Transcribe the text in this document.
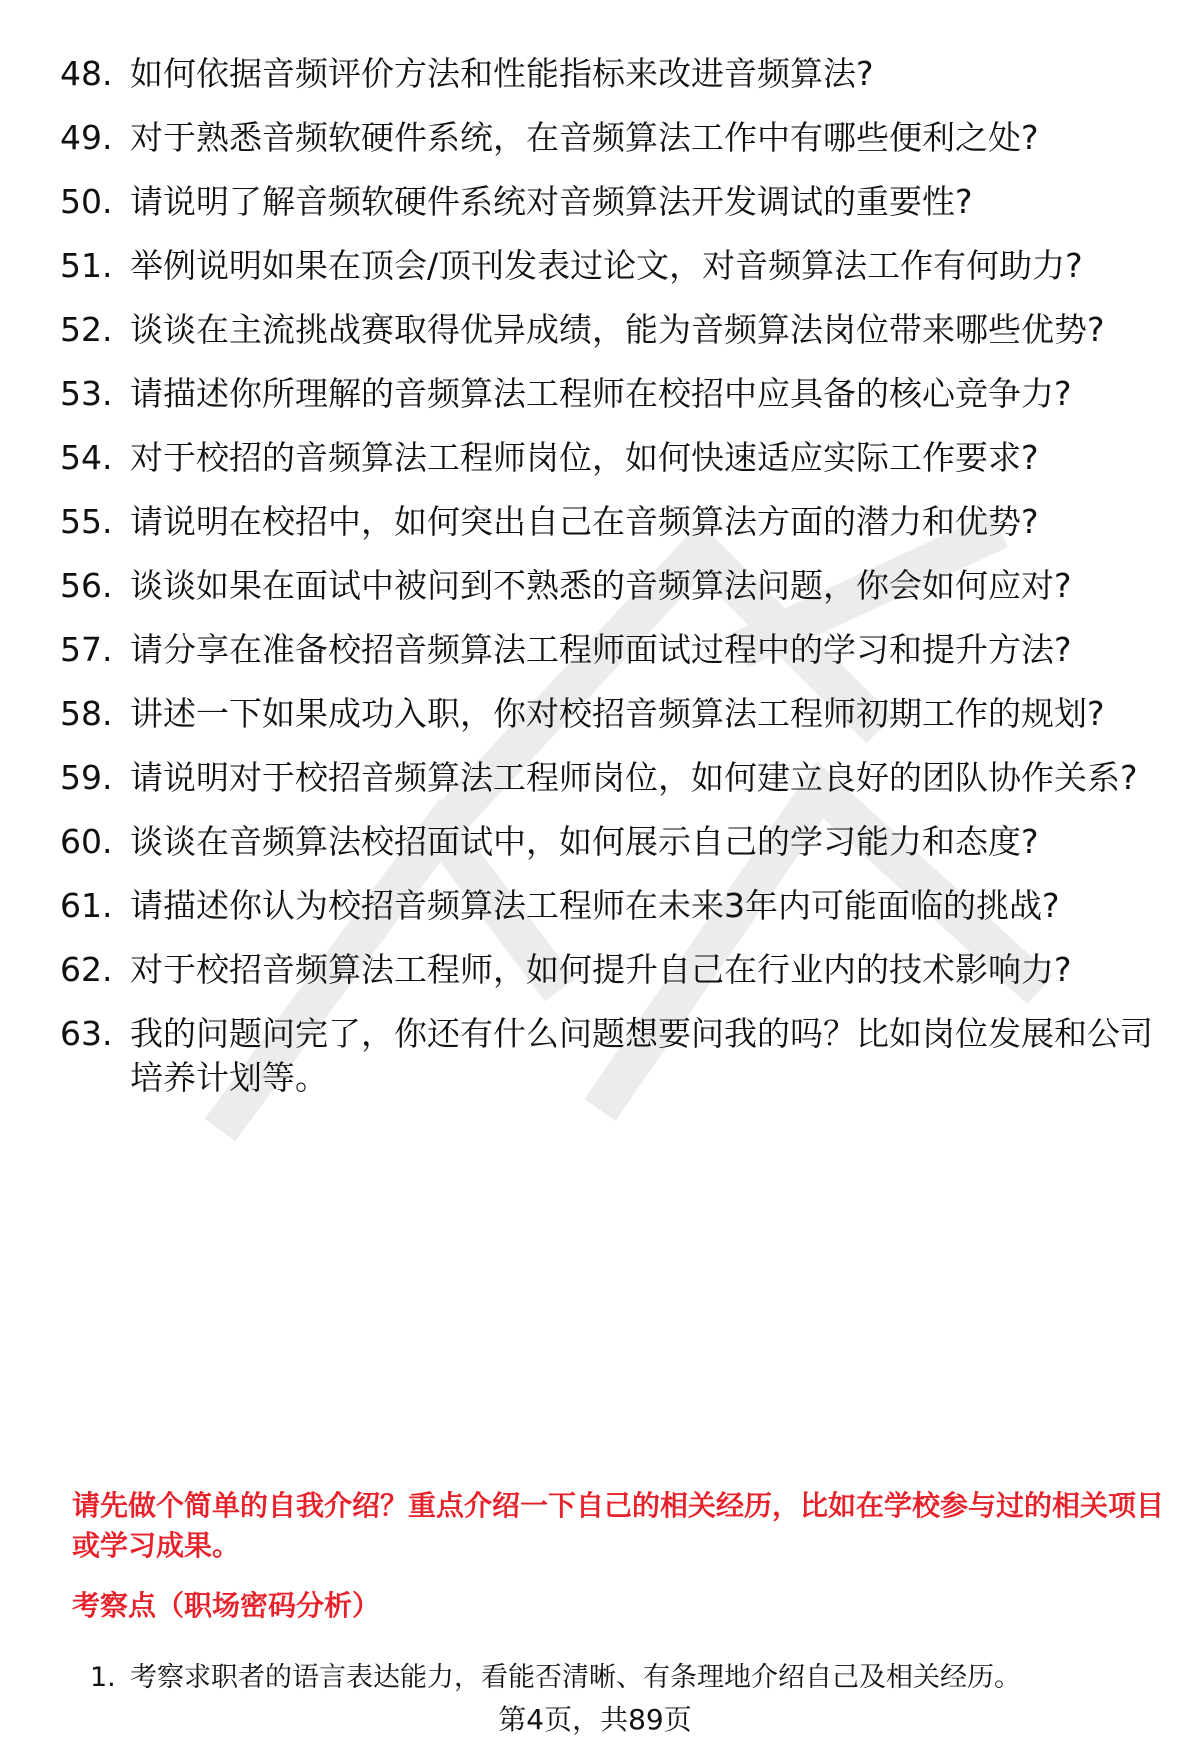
48. 如何依据音频评价方法和性能指标来改进音频算法?
49. 对于熟悉音频软硬件系统，在音频算法工作中有哪些便利之处?
50. 请说明了解音频软硬件系统对音频算法开发调试的重要性?
51. 举例说明如果在顶会/顶刊发表过论文，对音频算法工作有何助力?
52. 谈谈在主流挑战赛取得优异成绩，能为音频算法岗位带来哪些优势?
53. 请描述你所理解的音频算法工程师在校招中应具备的核心竞争力?
54. 对于校招的音频算法工程师岗位，如何快速适应实际工作要求?
55. 请说明在校招中，如何突出自己在音频算法方面的潜力和优势?
56. 谈谈如果在面试中被问到不熟悉的音频算法问题，你会如何应对?
57. 请分享在准备校招音频算法工程师面试过程中的学习和提升方法?
58. 讲述一下如果成功入职，你对校招音频算法工程师初期工作的规划?
59. 请说明对于校招音频算法工程师岗位，如何建立良好的团队协作关系?
60. 谈谈在音频算法校招面试中，如何展示自己的学习能力和态度?
61. 请描述你认为校招音频算法工程师在未来3年内可能面临的挑战?
62. 对于校招音频算法工程师，如何提升自己在行业内的技术影响力?
63. 我的问题问完了，你还有什么问题想要问我的吗？比如岗位发展和公司培养计划等。
请先做个简单的自我介绍？重点介绍一下自己的相关经历，比如在学校参与过的相关项目或学习成果。
考察点（职场密码分析）
1. 考察求职者的语言表达能力，看能否清晰、有条理地介绍自己及相关经历。
第4页，共89页
